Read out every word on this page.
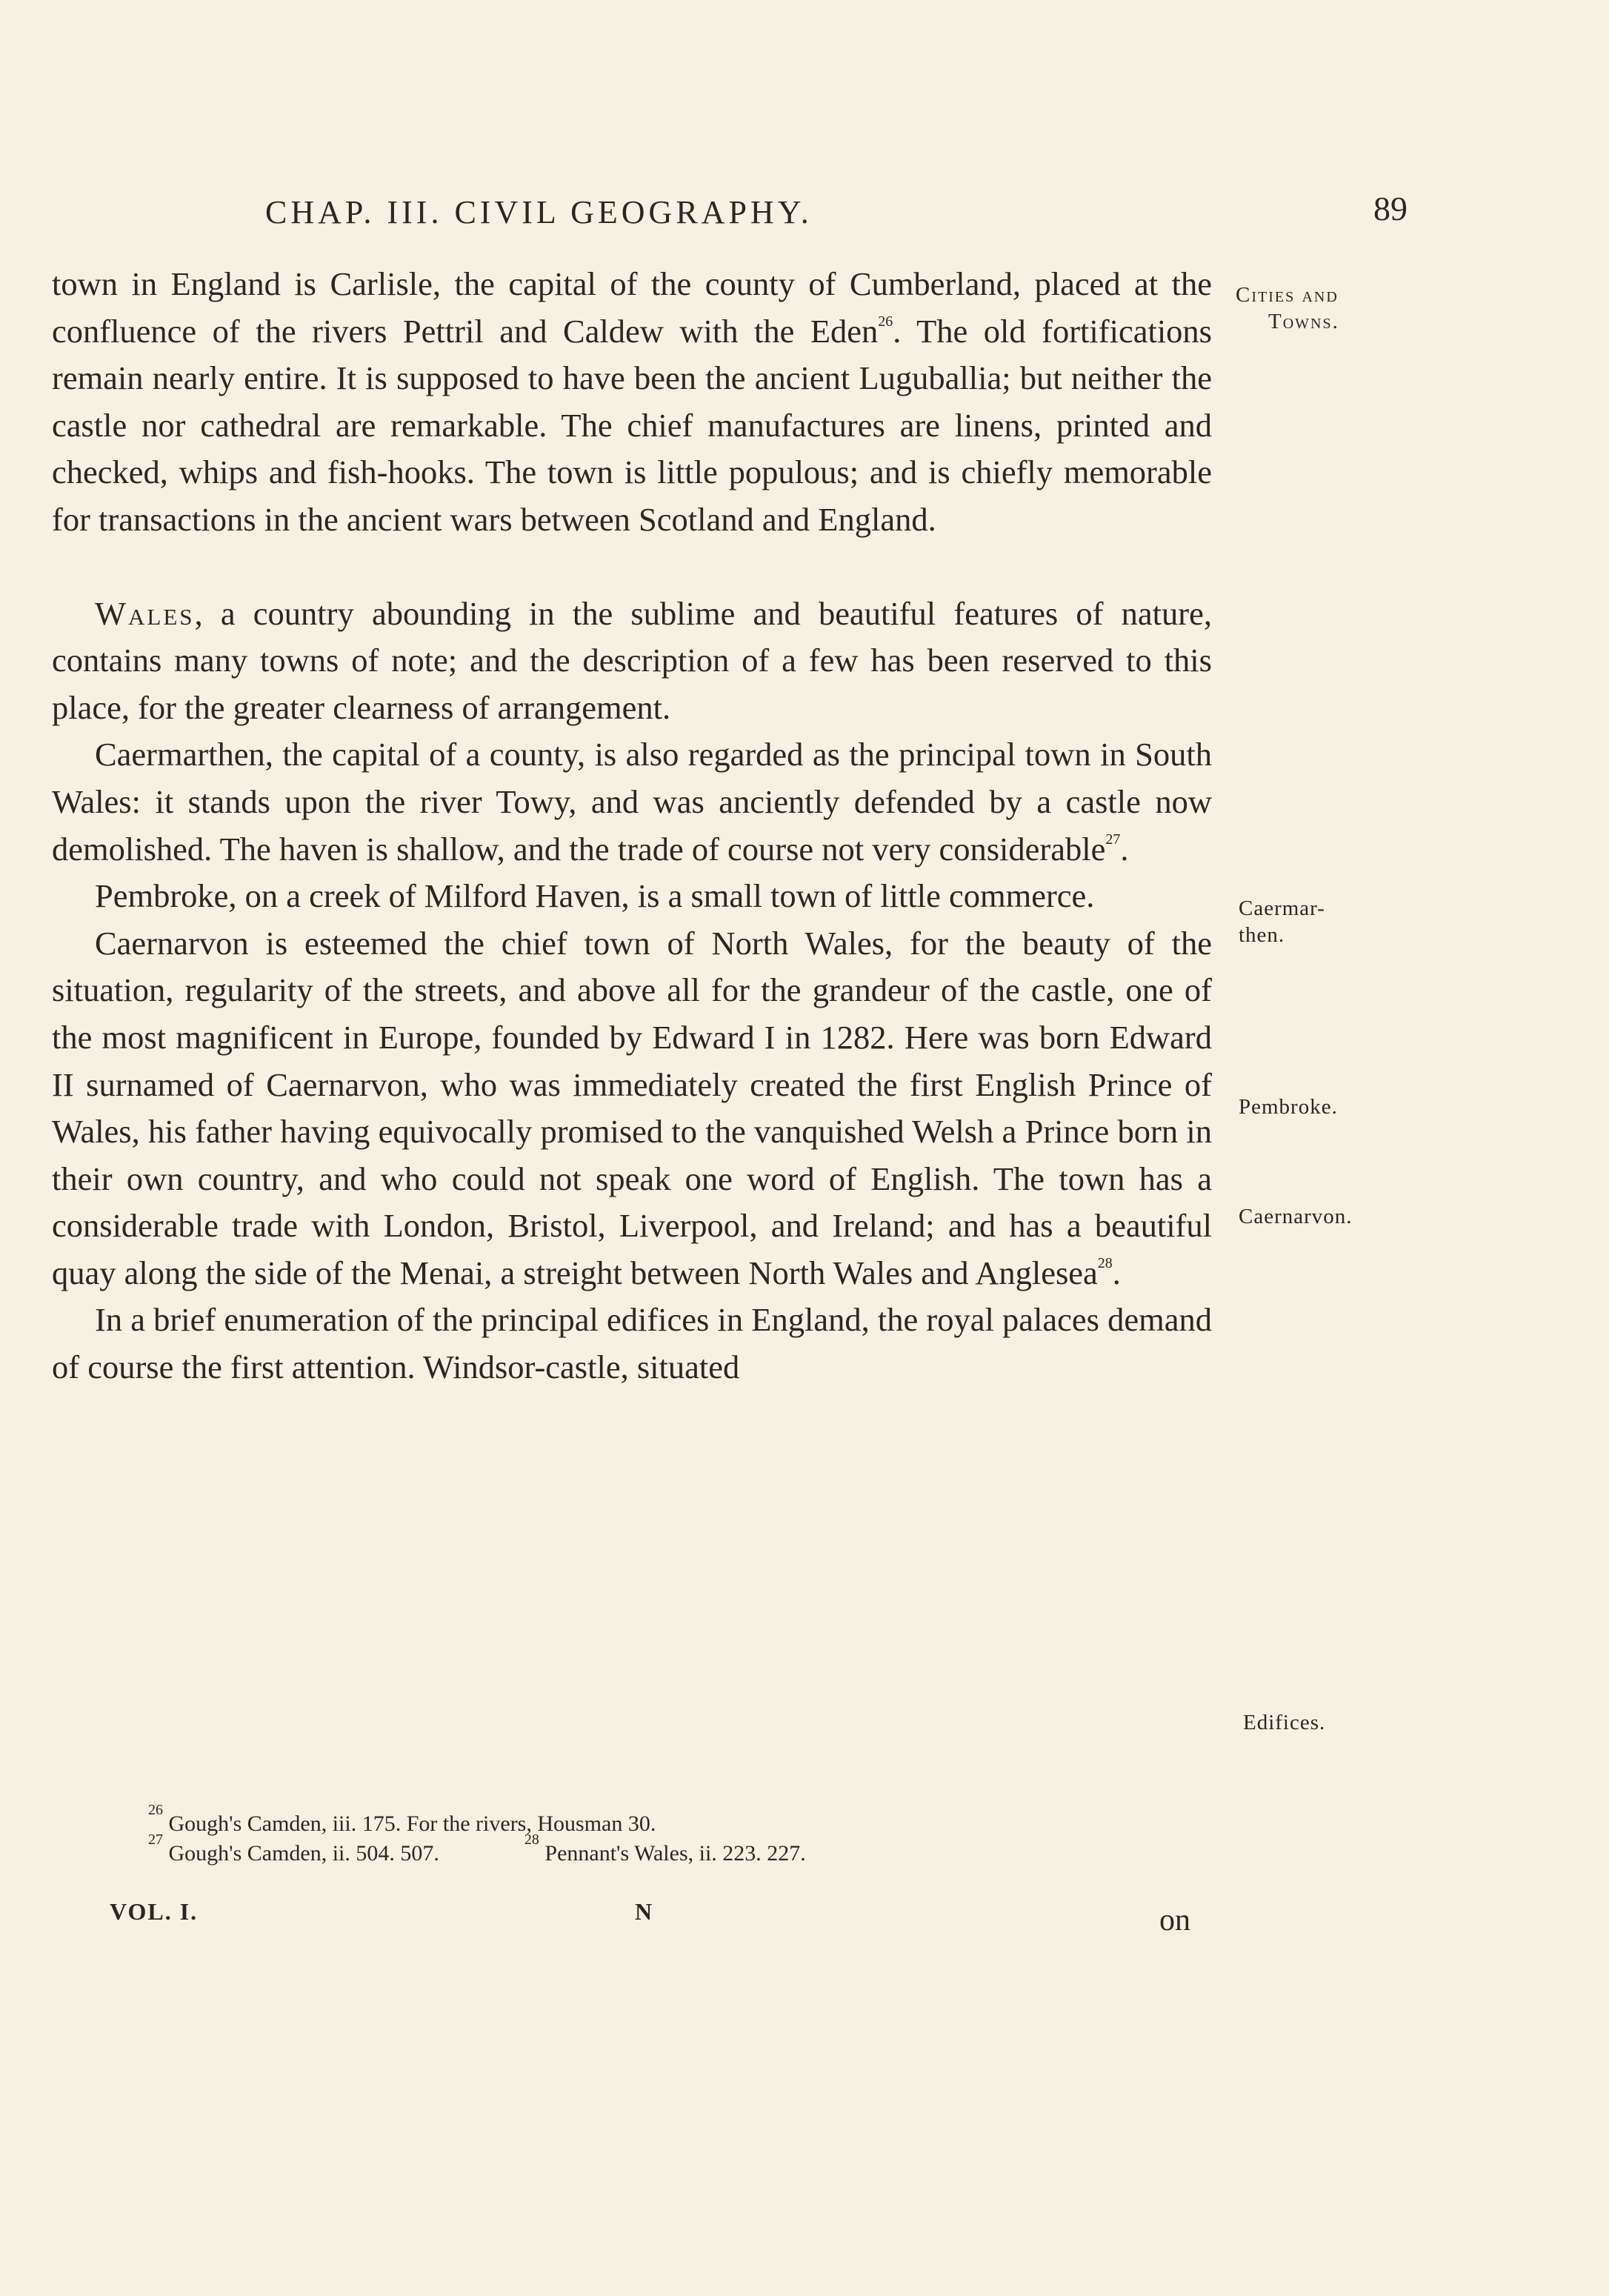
CHAP. III. CIVIL GEOGRAPHY.	89

town in England is Carlisle, the capital of the county of Cumberland, placed at the confluence of the rivers Pettril and Caldew with the Eden$^{26}$. The old fortifications remain nearly entire. It is supposed to have been the ancient Luguballia; but neither the castle nor cathedral are remarkable. The chief manufactures are linens, printed and checked, whips and fish-hooks. The town is little populous; and is chiefly memorable for transactions in the ancient wars between Scotland and England.

Wales, a country abounding in the sublime and beautiful features of nature, contains many towns of note; and the description of a few has been reserved to this place, for the greater clearness of arrangement.

Caermarthen, the capital of a county, is also regarded as the principal town in South Wales: it stands upon the river Towy, and was anciently defended by a castle now demolished. The haven is shallow, and the trade of course not very considerable$^{27}$.

Pembroke, on a creek of Milford Haven, is a small town of little commerce.

Caernarvon is esteemed the chief town of North Wales, for the beauty of the situation, regularity of the streets, and above all for the grandeur of the castle, one of the most magnificent in Europe, founded by Edward I in 1282. Here was born Edward II surnamed of Caernarvon, who was immediately created the first English Prince of Wales, his father having equivocally promised to the vanquished Welsh a Prince born in their own country, and who could not speak one word of English. The town has a considerable trade with London, Bristol, Liverpool, and Ireland; and has a beautiful quay along the side of the Menai, a streight between North Wales and Anglesea$^{28}$.

In a brief enumeration of the principal edifices in England, the royal palaces demand of course the first attention. Windsor-castle, situated

Cities and
Towns.
Caermar-
then.
Pembroke.
Caernarvon.
Edifices.
$^{26}$ Gough's Camden, iii. 175. For the rivers, Housman 30.
$^{27}$ Gough's Camden, ii. 504. 507.  $^{28}$ Pennant's Wales, ii. 223. 227.
VOL. I.	N	on
